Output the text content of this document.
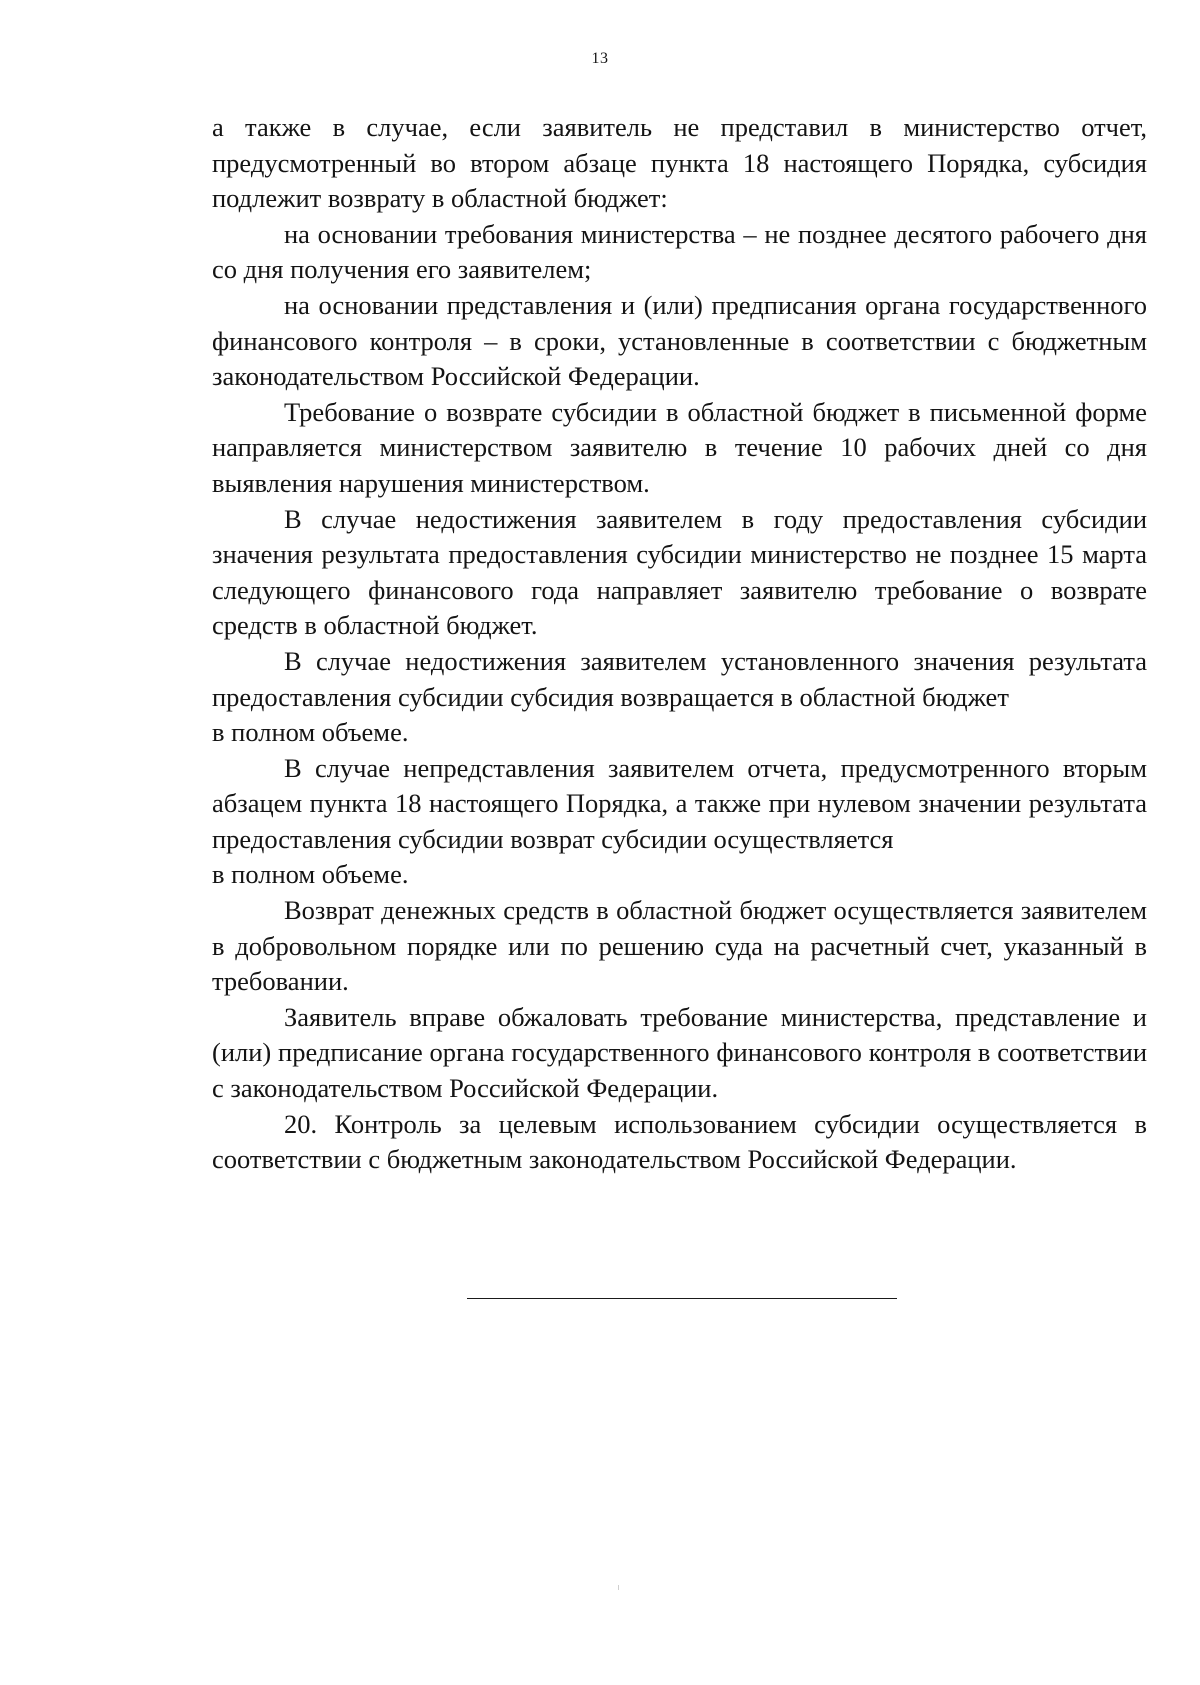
13

а также в случае, если заявитель не представил в министерство отчет, предусмотренный во втором абзаце пункта 18 настоящего Порядка, субсидия подлежит возврату в областной бюджет:

на основании требования министерства – не позднее десятого рабочего дня со дня получения его заявителем;

на основании представления и (или) предписания органа государственного финансового контроля – в сроки, установленные в соответствии с бюджетным законодательством Российской Федерации.

Требование о возврате субсидии в областной бюджет в письменной форме направляется министерством заявителю в течение 10 рабочих дней со дня выявления нарушения министерством.

В случае недостижения заявителем в году предоставления субсидии значения результата предоставления субсидии министерство не позднее 15 марта следующего финансового года направляет заявителю требование о возврате средств в областной бюджет.

В случае недостижения заявителем установленного значения результата предоставления субсидии субсидия возвращается в областной бюджет

в полном объеме.

В случае непредставления заявителем отчета, предусмотренного вторым абзацем пункта 18 настоящего Порядка, а также при нулевом значении результата предоставления субсидии возврат субсидии осуществляется

в полном объеме.

Возврат денежных средств в областной бюджет осуществляется заявителем в добровольном порядке или по решению суда на расчетный счет, указанный в требовании.

Заявитель вправе обжаловать требование министерства, представление и (или) предписание органа государственного финансового контроля в соответствии с законодательством Российской Федерации.

20. Контроль за целевым использованием субсидии осуществляется в соответствии с бюджетным законодательством Российской Федерации.
